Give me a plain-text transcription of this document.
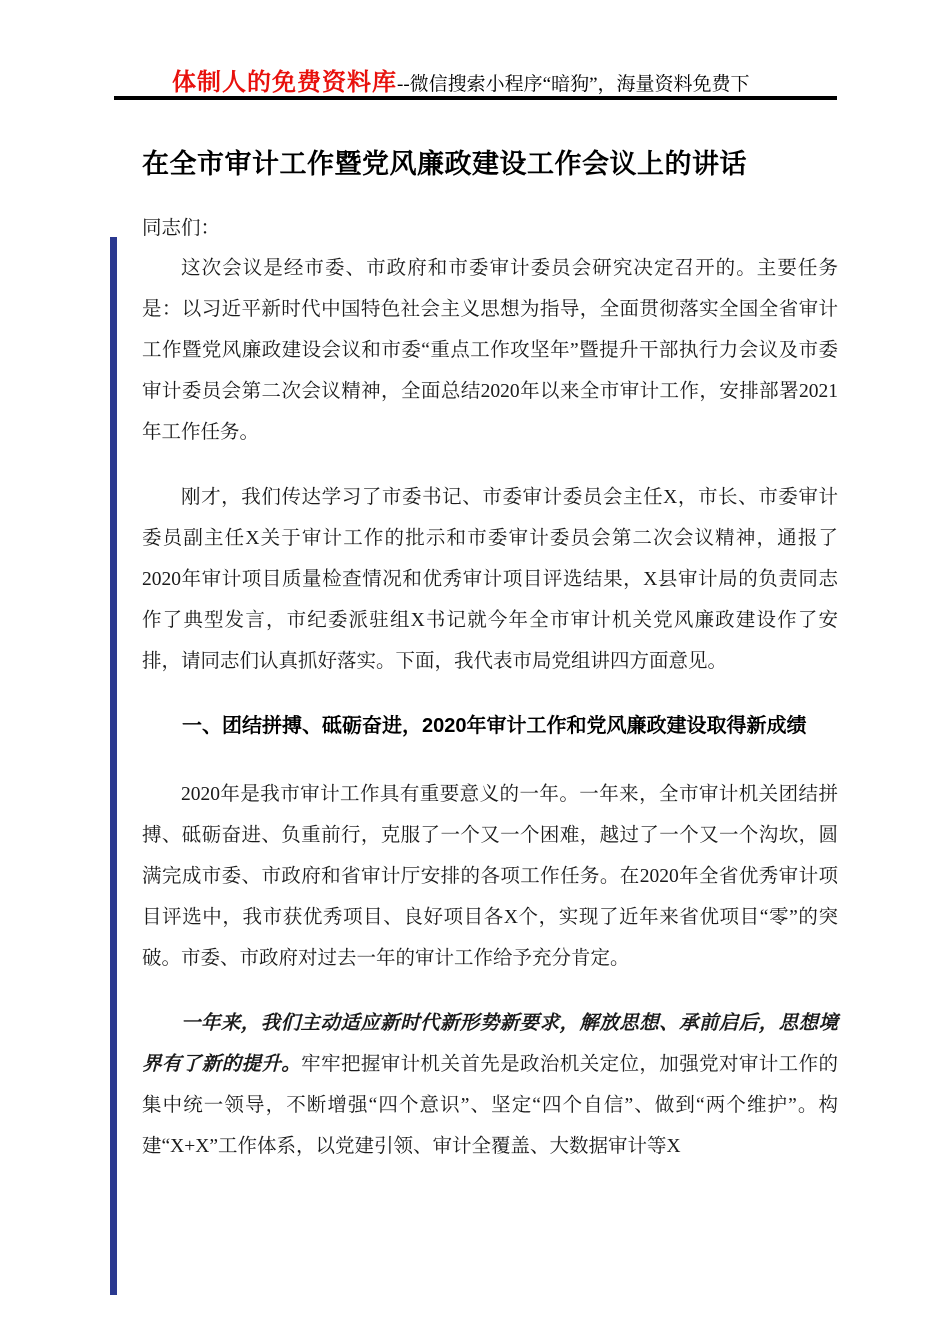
体制人的免费资料库--微信搜索小程序“暗狗”，海量资料免费下
在全市审计工作暨党风廉政建设工作会议上的讲话

同志们：

这次会议是经市委、市政府和市委审计委员会研究决定召开的。主要任务是：以习近平新时代中国特色社会主义思想为指导，全面贯彻落实全国全省审计工作暨党风廉政建设会议和市委“重点工作攻坚年”暨提升干部执行力会议及市委审计委员会第二次会议精神，全面总结2020年以来全市审计工作，安排部署2021年工作任务。

刚才，我们传达学习了市委书记、市委审计委员会主任X，市长、市委审计委员副主任X关于审计工作的批示和市委审计委员会第二次会议精神，通报了2020年审计项目质量检查情况和优秀审计项目评选结果，X县审计局的负责同志作了典型发言，市纪委派驻组X书记就今年全市审计机关党风廉政建设作了安排，请同志们认真抓好落实。下面，我代表市局党组讲四方面意见。

一、团结拼搏、砥砺奋进，2020年审计工作和党风廉政建设取得新成绩

2020年是我市审计工作具有重要意义的一年。一年来，全市审计机关团结拼搏、砥砺奋进、负重前行，克服了一个又一个困难，越过了一个又一个沟坎，圆满完成市委、市政府和省审计厅安排的各项工作任务。在2020年全省优秀审计项目评选中，我市获优秀项目、良好项目各X个，实现了近年来省优项目“零”的突破。市委、市政府对过去一年的审计工作给予充分肯定。

一年来，我们主动适应新时代新形势新要求，解放思想、承前启后，思想境界有了新的提升。牢牢把握审计机关首先是政治机关定位，加强党对审计工作的集中统一领导，不断增强“四个意识”、坚定“四个自信”、做到“两个维护”。构建“X+X”工作体系，以党建引领、审计全覆盖、大数据审计等X
